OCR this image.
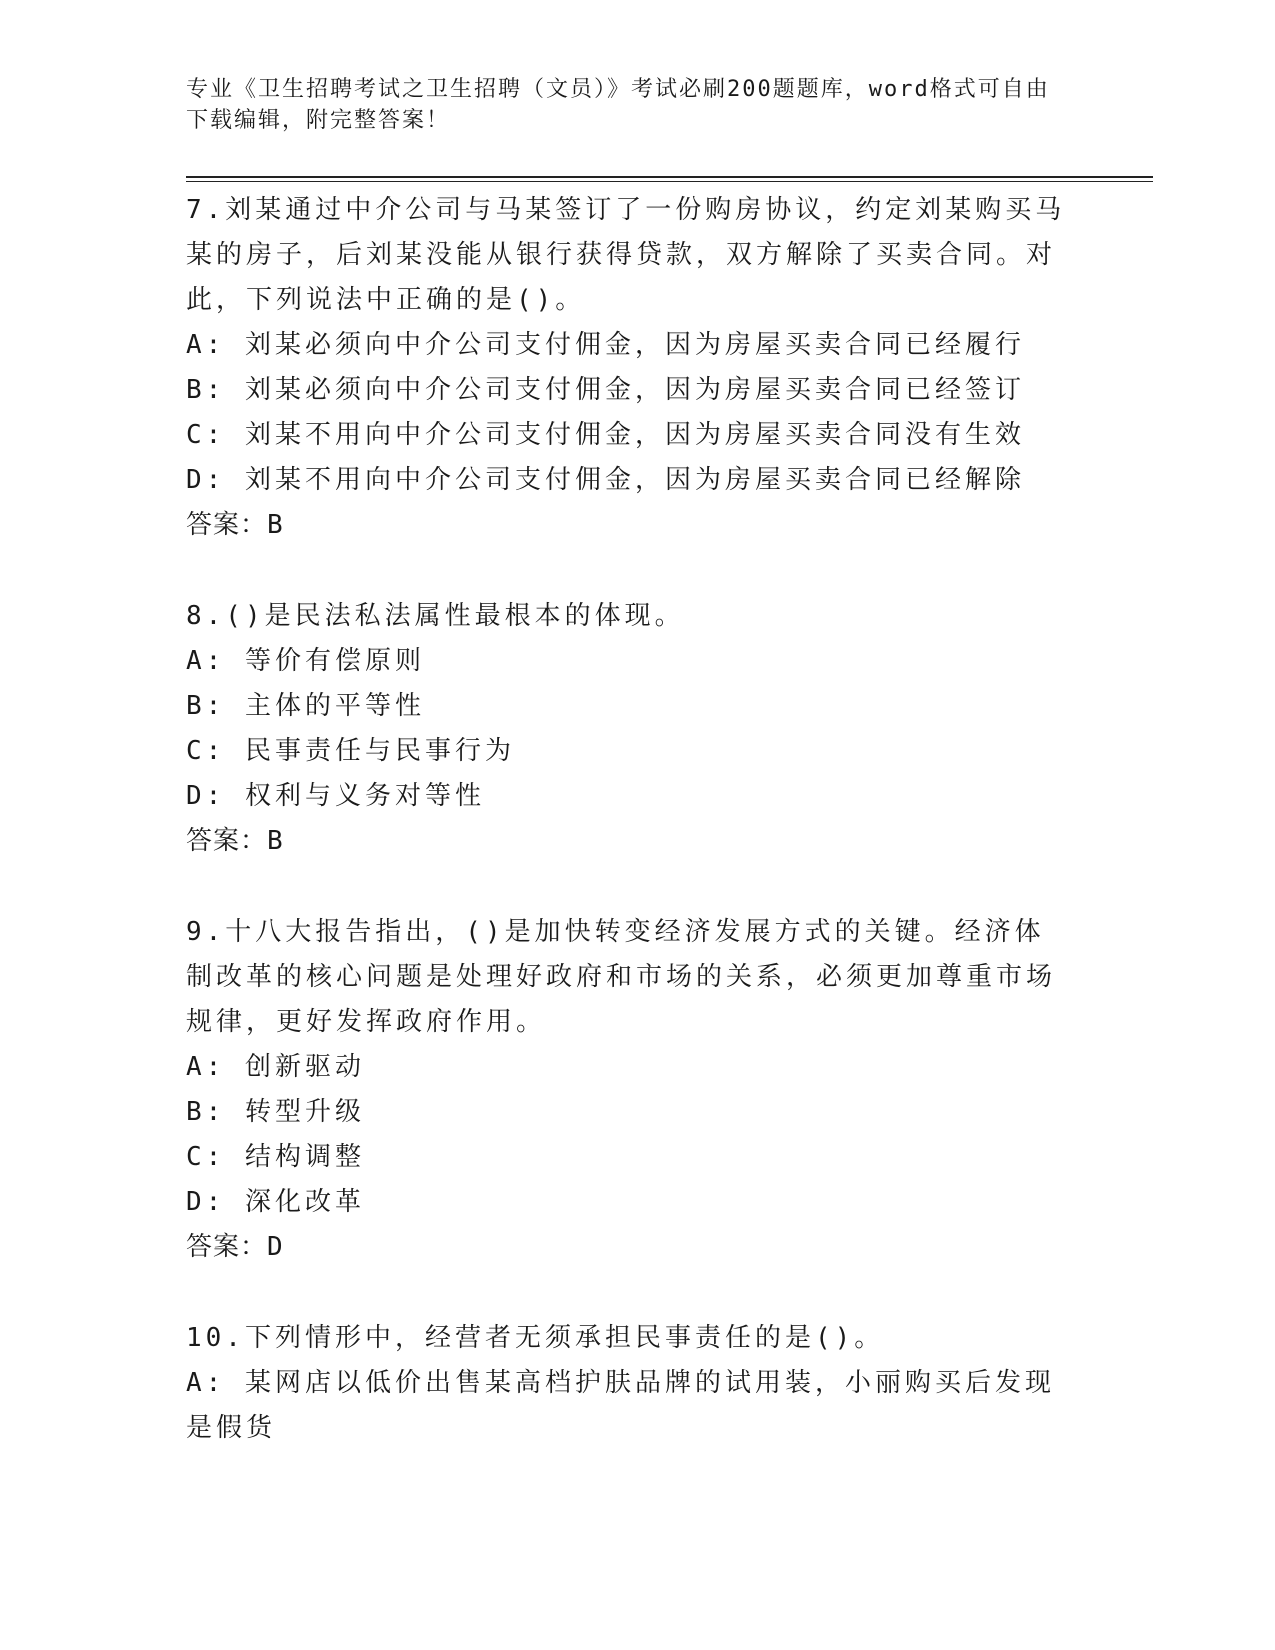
专业《卫生招聘考试之卫生招聘（文员）》考试必刷200题题库，word格式可自由下载编辑，附完整答案！
7.刘某通过中介公司与马某签订了一份购房协议，约定刘某购买马某的房子，后刘某没能从银行获得贷款，双方解除了买卖合同。对此，下列说法中正确的是()。
A: 刘某必须向中介公司支付佣金，因为房屋买卖合同已经履行
B: 刘某必须向中介公司支付佣金，因为房屋买卖合同已经签订
C: 刘某不用向中介公司支付佣金，因为房屋买卖合同没有生效
D: 刘某不用向中介公司支付佣金，因为房屋买卖合同已经解除
答案：B
8.()是民法私法属性最根本的体现。
A: 等价有偿原则
B: 主体的平等性
C: 民事责任与民事行为
D: 权利与义务对等性
答案：B
9.十八大报告指出，()是加快转变经济发展方式的关键。经济体制改革的核心问题是处理好政府和市场的关系，必须更加尊重市场规律，更好发挥政府作用。
A: 创新驱动
B: 转型升级
C: 结构调整
D: 深化改革
答案：D
10.下列情形中，经营者无须承担民事责任的是()。
A: 某网店以低价出售某高档护肤品牌的试用装，小丽购买后发现是假货
